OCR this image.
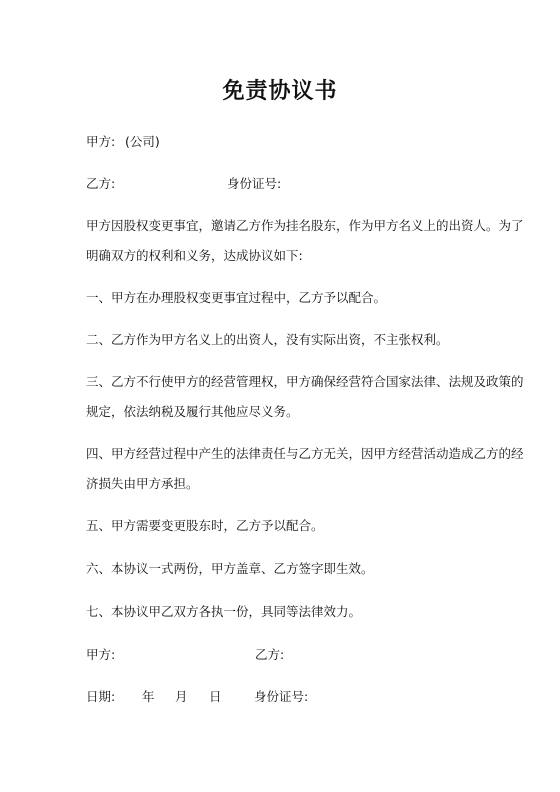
免责协议书
甲方: (公司)
乙方:	身份证号:
甲方因股权变更事宜，邀请乙方作为挂名股东，作为甲方名义上的出资人。为了
明确双方的权利和义务，达成协议如下:
一、甲方在办理股权变更事宜过程中，乙方予以配合。
二、乙方作为甲方名义上的出资人，没有实际出资，不主张权利。
三、乙方不行使甲方的经营管理权，甲方确保经营符合国家法律、法规及政策的
规定，依法纳税及履行其他应尽义务。
四、甲方经营过程中产生的法律责任与乙方无关，因甲方经营活动造成乙方的经
济损失由甲方承担。
五、甲方需要变更股东时，乙方予以配合。
六、本协议一式两份，甲方盖章、乙方签字即生效。
七、本协议甲乙双方各执一份，具同等法律效力。
甲方:	乙方:
日期: 年 月 日	身份证号:
